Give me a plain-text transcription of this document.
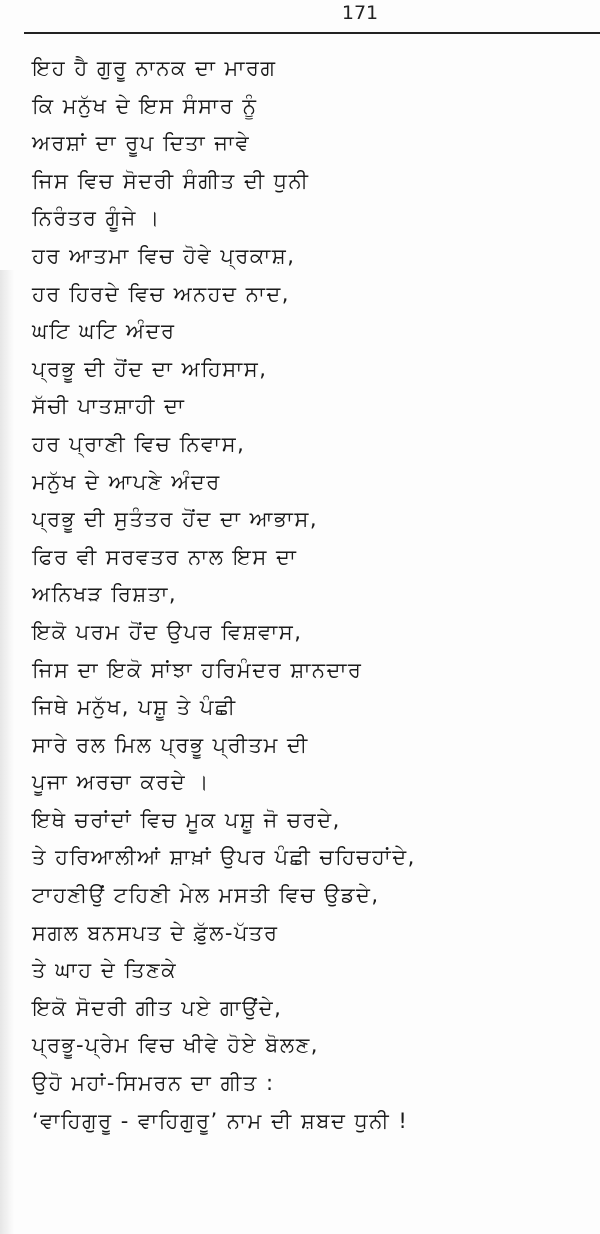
171
ਇਹ ਹੈ ਗੁਰੂ ਨਾਨਕ ਦਾ ਮਾਰਗ
ਕਿ ਮਨੁੱਖ ਦੇ ਇਸ ਸੰਸਾਰ ਨੂੰ
ਅਰਸ਼ਾਂ ਦਾ ਰੂਪ ਦਿਤਾ ਜਾਵੇ
ਜਿਸ ਵਿਚ ਸੋਦਰੀ ਸੰਗੀਤ ਦੀ ਧੁਨੀ
ਨਿਰੰਤਰ ਗੂੰਜੇ ।
ਹਰ ਆਤਮਾ ਵਿਚ ਹੋਵੇ ਪ੍ਰਕਾਸ਼,
ਹਰ ਹਿਰਦੇ ਵਿਚ ਅਨਹਦ ਨਾਦ,
ਘਟਿ ਘਟਿ ਅੰਦਰ
ਪ੍ਰਭੂ ਦੀ ਹੋਂਦ ਦਾ ਅਹਿਸਾਸ,
ਸੱਚੀ ਪਾਤਸ਼ਾਹੀ ਦਾ
ਹਰ ਪ੍ਰਾਣੀ ਵਿਚ ਨਿਵਾਸ,
ਮਨੁੱਖ ਦੇ ਆਪਣੇ ਅੰਦਰ
ਪ੍ਰਭੂ ਦੀ ਸੁਤੰਤਰ ਹੋਂਦ ਦਾ ਆਭਾਸ,
ਫਿਰ ਵੀ ਸਰਵਤਰ ਨਾਲ ਇਸ ਦਾ
ਅਨਿਖੜ ਰਿਸ਼ਤਾ,
ਇਕੋ ਪਰਮ ਹੋਂਦ ਉਪਰ ਵਿਸ਼ਵਾਸ,
ਜਿਸ ਦਾ ਇਕੋ ਸਾਂਝਾ ਹਰਿਮੰਦਰ ਸ਼ਾਨਦਾਰ
ਜਿਥੇ ਮਨੁੱਖ, ਪਸ਼ੂ ਤੇ ਪੰਛੀ
ਸਾਰੇ ਰਲ ਮਿਲ ਪ੍ਰਭੂ ਪ੍ਰੀਤਮ ਦੀ
ਪੂਜਾ ਅਰਚਾ ਕਰਦੇ ।
ਇਥੇ ਚਰਾਂਦਾਂ ਵਿਚ ਮੂਕ ਪਸ਼ੂ ਜੋ ਚਰਦੇ,
ਤੇ ਹਰਿਆਲੀਆਂ ਸ਼ਾਖ਼ਾਂ ਉਪਰ ਪੰਛੀ ਚਹਿਚਹਾਂਦੇ,
ਟਾਹਣੀਉਂ ਟਹਿਣੀ ਮੇਲ ਮਸਤੀ ਵਿਚ ਉਡਦੇ,
ਸਗਲ ਬਨਸਪਤ ਦੇ ਫ਼ੁੱਲ-ਪੱਤਰ
ਤੇ ਘਾਹ ਦੇ ਤਿਣਕੇ
ਇਕੋ ਸੋਦਰੀ ਗੀਤ ਪਏ ਗਾਉਂਦੇ,
ਪ੍ਰਭੂ-ਪ੍ਰੇਮ ਵਿਚ ਖੀਵੇ ਹੋਏ ਬੋਲਣ,
ਉਹੋ ਮਹਾਂ-ਸਿਮਰਨ ਦਾ ਗੀਤ :
‘ਵਾਹਿਗੁਰੂ - ਵਾਹਿਗੁਰੂ’ ਨਾਮ ਦੀ ਸ਼ਬਦ ਧੁਨੀ !
